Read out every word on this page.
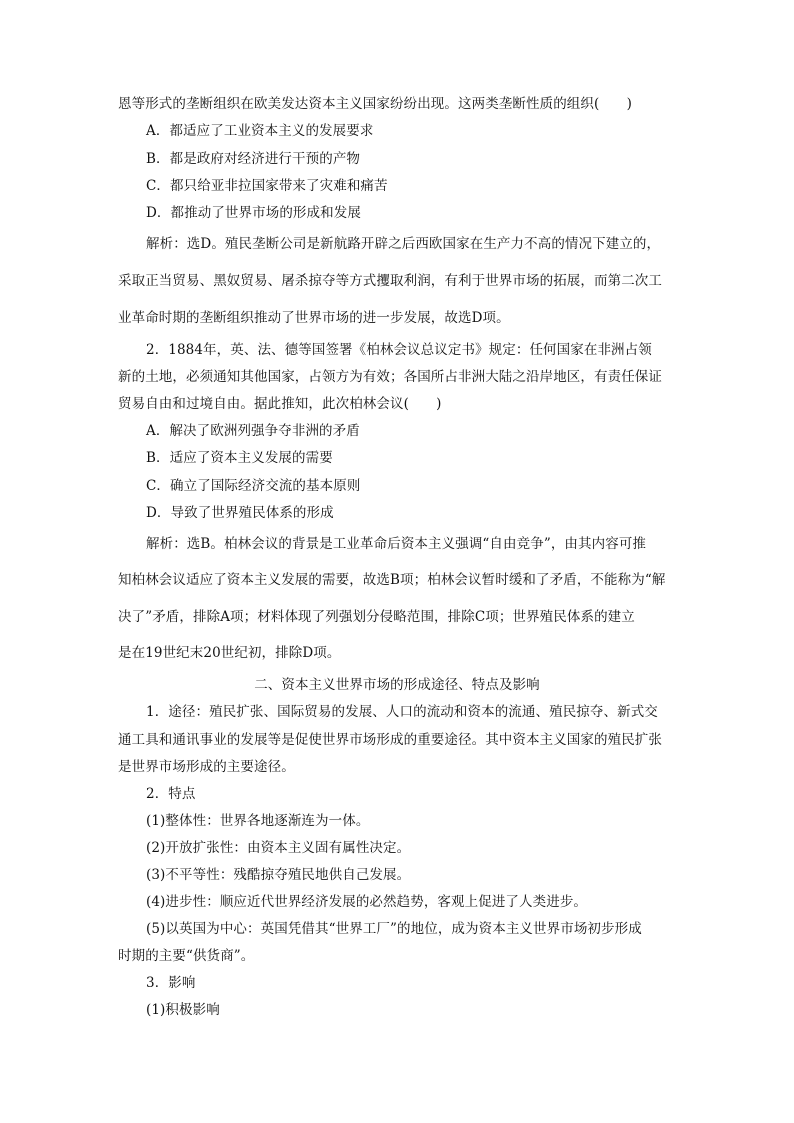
恩等形式的垄断组织在欧美发达资本主义国家纷纷出现。这两类垄断性质的组织(　　)
A．都适应了工业资本主义的发展要求
B．都是政府对经济进行干预的产物
C．都只给亚非拉国家带来了灾难和痛苦
D．都推动了世界市场的形成和发展
解析：选D。殖民垄断公司是新航路开辟之后西欧国家在生产力不高的情况下建立的，
采取正当贸易、黑奴贸易、屠杀掠夺等方式攫取利润，有利于世界市场的拓展，而第二次工
业革命时期的垄断组织推动了世界市场的进一步发展，故选D项。
2．1884年，英、法、德等国签署《柏林会议总议定书》规定：任何国家在非洲占领
新的土地，必须通知其他国家，占领方为有效；各国所占非洲大陆之沿岸地区，有责任保证
贸易自由和过境自由。据此推知，此次柏林会议(　　)
A．解决了欧洲列强争夺非洲的矛盾
B．适应了资本主义发展的需要
C．确立了国际经济交流的基本原则
D．导致了世界殖民体系的形成
解析：选B。柏林会议的背景是工业革命后资本主义强调“自由竞争”，由其内容可推
知柏林会议适应了资本主义发展的需要，故选B项；柏林会议暂时缓和了矛盾，不能称为“解
决了”矛盾，排除A项；材料体现了列强划分侵略范围，排除C项；世界殖民体系的建立
是在19世纪末20世纪初，排除D项。
二、资本主义世界市场的形成途径、特点及影响
1．途径：殖民扩张、国际贸易的发展、人口的流动和资本的流通、殖民掠夺、新式交
通工具和通讯事业的发展等是促使世界市场形成的重要途径。其中资本主义国家的殖民扩张
是世界市场形成的主要途径。
2．特点
(1)整体性：世界各地逐渐连为一体。
(2)开放扩张性：由资本主义固有属性决定。
(3)不平等性：残酷掠夺殖民地供自己发展。
(4)进步性：顺应近代世界经济发展的必然趋势，客观上促进了人类进步。
(5)以英国为中心：英国凭借其“世界工厂”的地位，成为资本主义世界市场初步形成
时期的主要“供货商”。
3．影响
(1)积极影响
